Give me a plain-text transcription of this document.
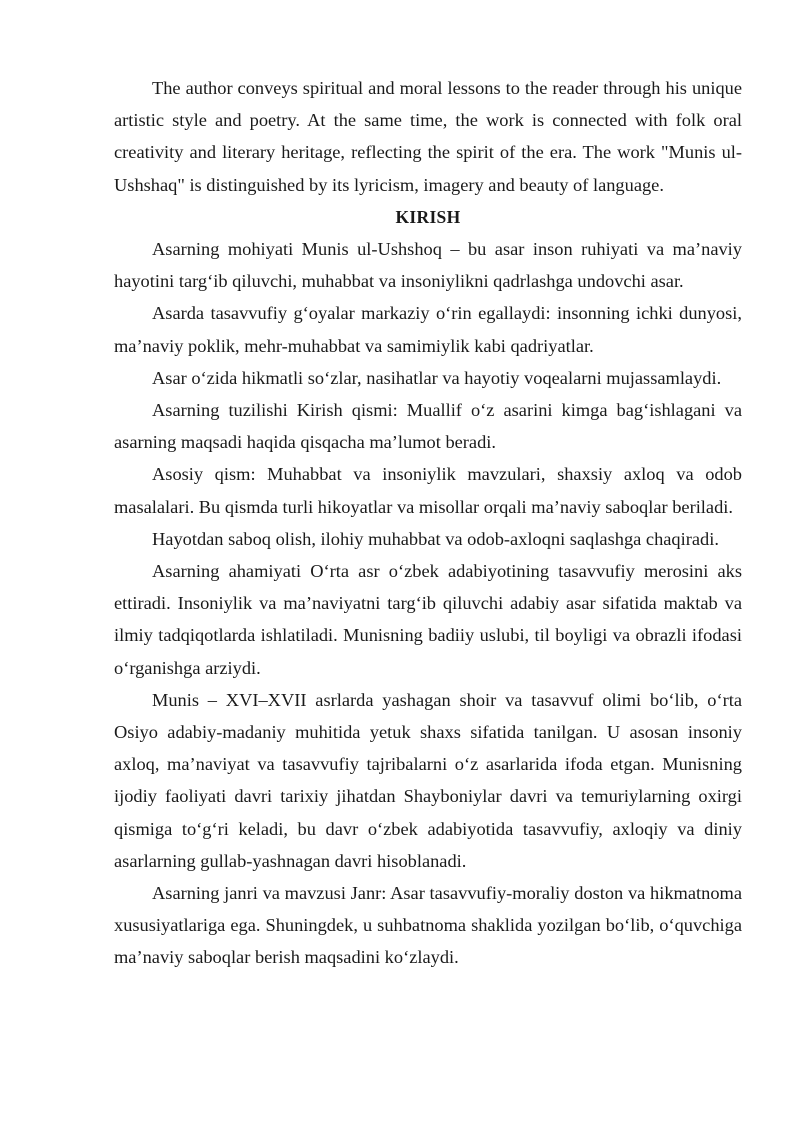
The author conveys spiritual and moral lessons to the reader through his unique artistic style and poetry. At the same time, the work is connected with folk oral creativity and literary heritage, reflecting the spirit of the era. The work "Munis ul-Ushshaq" is distinguished by its lyricism, imagery and beauty of language.

KIRISH

Asarning mohiyati Munis ul-Ushshoq – bu asar inson ruhiyati va ma’naviy hayotini targ‘ib qiluvchi, muhabbat va insoniylikni qadrlashga undovchi asar.

Asarda tasavvufiy g‘oyalar markaziy o‘rin egallaydi: insonning ichki dunyosi, ma’naviy poklik, mehr-muhabbat va samimiylik kabi qadriyatlar.

Asar o‘zida hikmatli so‘zlar, nasihatlar va hayotiy voqealarni mujassamlaydi.

Asarning tuzilishi Kirish qismi: Muallif o‘z asarini kimga bag‘ishlagani va asarning maqsadi haqida qisqacha ma’lumot beradi.

Asosiy qism: Muhabbat va insoniylik mavzulari, shaxsiy axloq va odob masalalari. Bu qismda turli hikoyatlar va misollar orqali ma’naviy saboqlar beriladi.

Hayotdan saboq olish, ilohiy muhabbat va odob-axloqni saqlashga chaqiradi.

Asarning ahamiyati O‘rta asr o‘zbek adabiyotining tasavvufiy merosini aks ettiradi. Insoniylik va ma’naviyatni targ‘ib qiluvchi adabiy asar sifatida maktab va ilmiy tadqiqotlarda ishlatiladi. Munisning badiiy uslubi, til boyligi va obrazli ifodasi o‘rganishga arziydi.

Munis – XVI–XVII asrlarda yashagan shoir va tasavvuf olimi bo‘lib, o‘rta Osiyo adabiy-madaniy muhitida yetuk shaxs sifatida tanilgan. U asosan insoniy axloq, ma’naviyat va tasavvufiy tajribalarni o‘z asarlarida ifoda etgan. Munisning ijodiy faoliyati davri tarixiy jihatdan Shayboniylar davri va temuriylarning oxirgi qismiga to‘g‘ri keladi, bu davr o‘zbek adabiyotida tasavvufiy, axloqiy va diniy asarlarning gullab-yashnagan davri hisoblanadi.

Asarning janri va mavzusi Janr: Asar tasavvufiy-moraliy doston va hikmatnoma xususiyatlariga ega. Shuningdek, u suhbatnoma shaklida yozilgan bo‘lib, o‘quvchiga ma’naviy saboqlar berish maqsadini ko‘zlaydi.
